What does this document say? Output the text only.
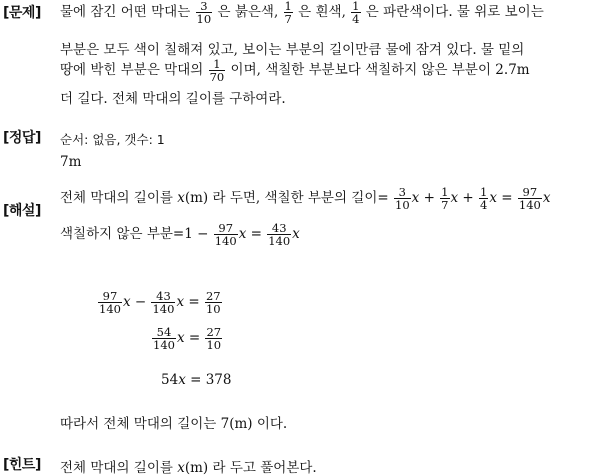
[문제]
[정답]
[해설]
[힌트]
물에 잠긴 어떤 막대는 $\frac{3}{10}$ 은 붉은색, $\frac{1}{7}$ 은 흰색, $\frac{1}{4}$ 은 파란색이다. 물 위로 보이는
부분은 모두 색이 칠해져 있고, 보이는 부분의 길이만큼 물에 잠겨 있다. 물 밑의
땅에 박힌 부분은 막대의 $\frac{1}{70}$ 이며, 색칠한 부분보다 색칠하지 않은 부분이 2.7m
더 길다. 전체 막대의 길이를 구하여라.
순서: 없음, 갯수: 1
7m
전체 막대의 길이를 x(m) 라 두면, 색칠한 부분의 길이= $\frac{3}{10}$ $x + \frac{1}{7}$ $x + \frac{1}{4}$ $x = \frac{97}{140}$ x
색칠하지 않은 부분$=1 - \frac{97}{140}$ $x = \frac{43}{140}$ x
$\frac{97}{140}$ $x - \frac{43}{140}$ $x = \frac{27}{10}$
$\frac{54}{140}$ $x = \frac{27}{10}$
54x = 378
따라서 전체 막대의 길이는 7(m) 이다.
전체 막대의 길이를 x(m) 라 두고 풀어본다.
